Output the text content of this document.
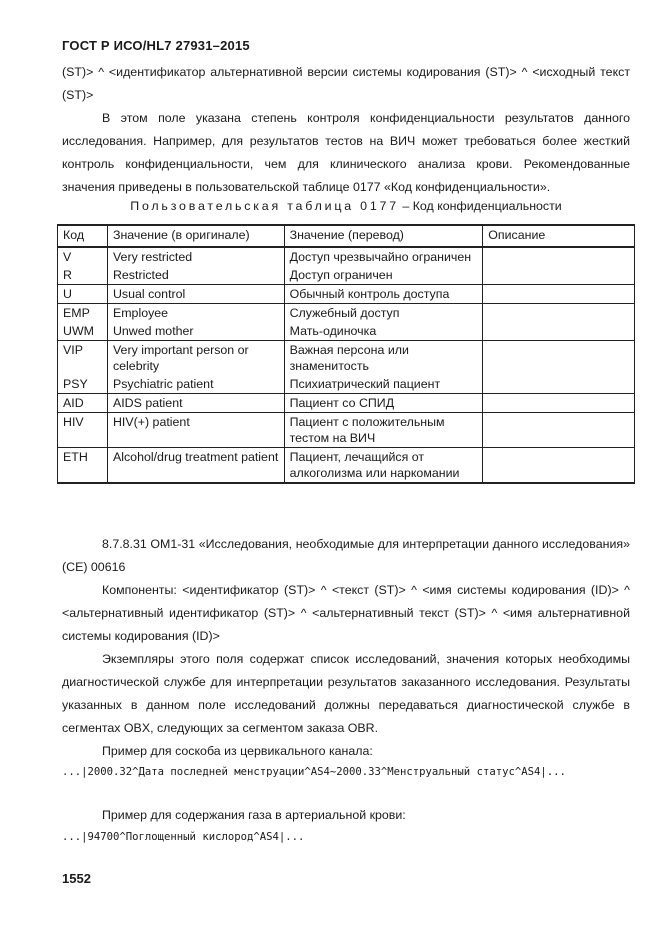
ГОСТ Р ИСО/HL7 27931–2015
(ST)> ^ <идентификатор альтернативной версии системы кодирования (ST)> ^ <исходный текст (ST)>
В этом поле указана степень контроля конфиденциальности результатов данного исследования. Например, для результатов тестов на ВИЧ может требоваться более жесткий контроль конфиденциальности, чем для клинического анализа крови. Рекомендованные значения приведены в пользовательской таблице 0177 «Код конфиденциальности».
Пользовательская таблица 0177 – Код конфиденциальности
Код	Значение (в оригинале)	Значение (перевод)	Описание
V	Very restricted	Доступ чрезвычайно ограничен	
R	Restricted	Доступ ограничен	
U	Usual control	Обычный контроль доступа	
EMP	Employee	Служебный доступ	
UWM	Unwed mother	Мать-одиночка	
VIP	Very important person or celebrity	Важная персона или знаменитость	
PSY	Psychiatric patient	Психиатрический пациент	
AID	AIDS patient	Пациент со СПИД	
HIV	HIV(+) patient	Пациент с положительным тестом на ВИЧ	
ETH	Alcohol/drug treatment patient	Пациент, лечащийся от алкоголизма или наркомании	
8.7.8.31 OM1-31 «Исследования, необходимые для интерпретации данного исследования» (CE) 00616
Компоненты: <идентификатор (ST)> ^ <текст (ST)> ^ <имя системы кодирования (ID)> ^ <альтернативный идентификатор (ST)> ^ <альтернативный текст (ST)> ^ <имя альтернативной системы кодирования (ID)>
Экземпляры этого поля содержат список исследований, значения которых необходимы диагностической службе для интерпретации результатов заказанного исследования. Результаты указанных в данном поле исследований должны передаваться диагностической службе в сегментах OBX, следующих за сегментом заказа OBR.
Пример для соскоба из цервикального канала:
...|2000.32^Дата последней менструации^AS4~2000.33^Менструальный статус^AS4|...
Пример для содержания газа в артериальной крови:
...|94700^Поглощенный кислород^AS4|...
1552
